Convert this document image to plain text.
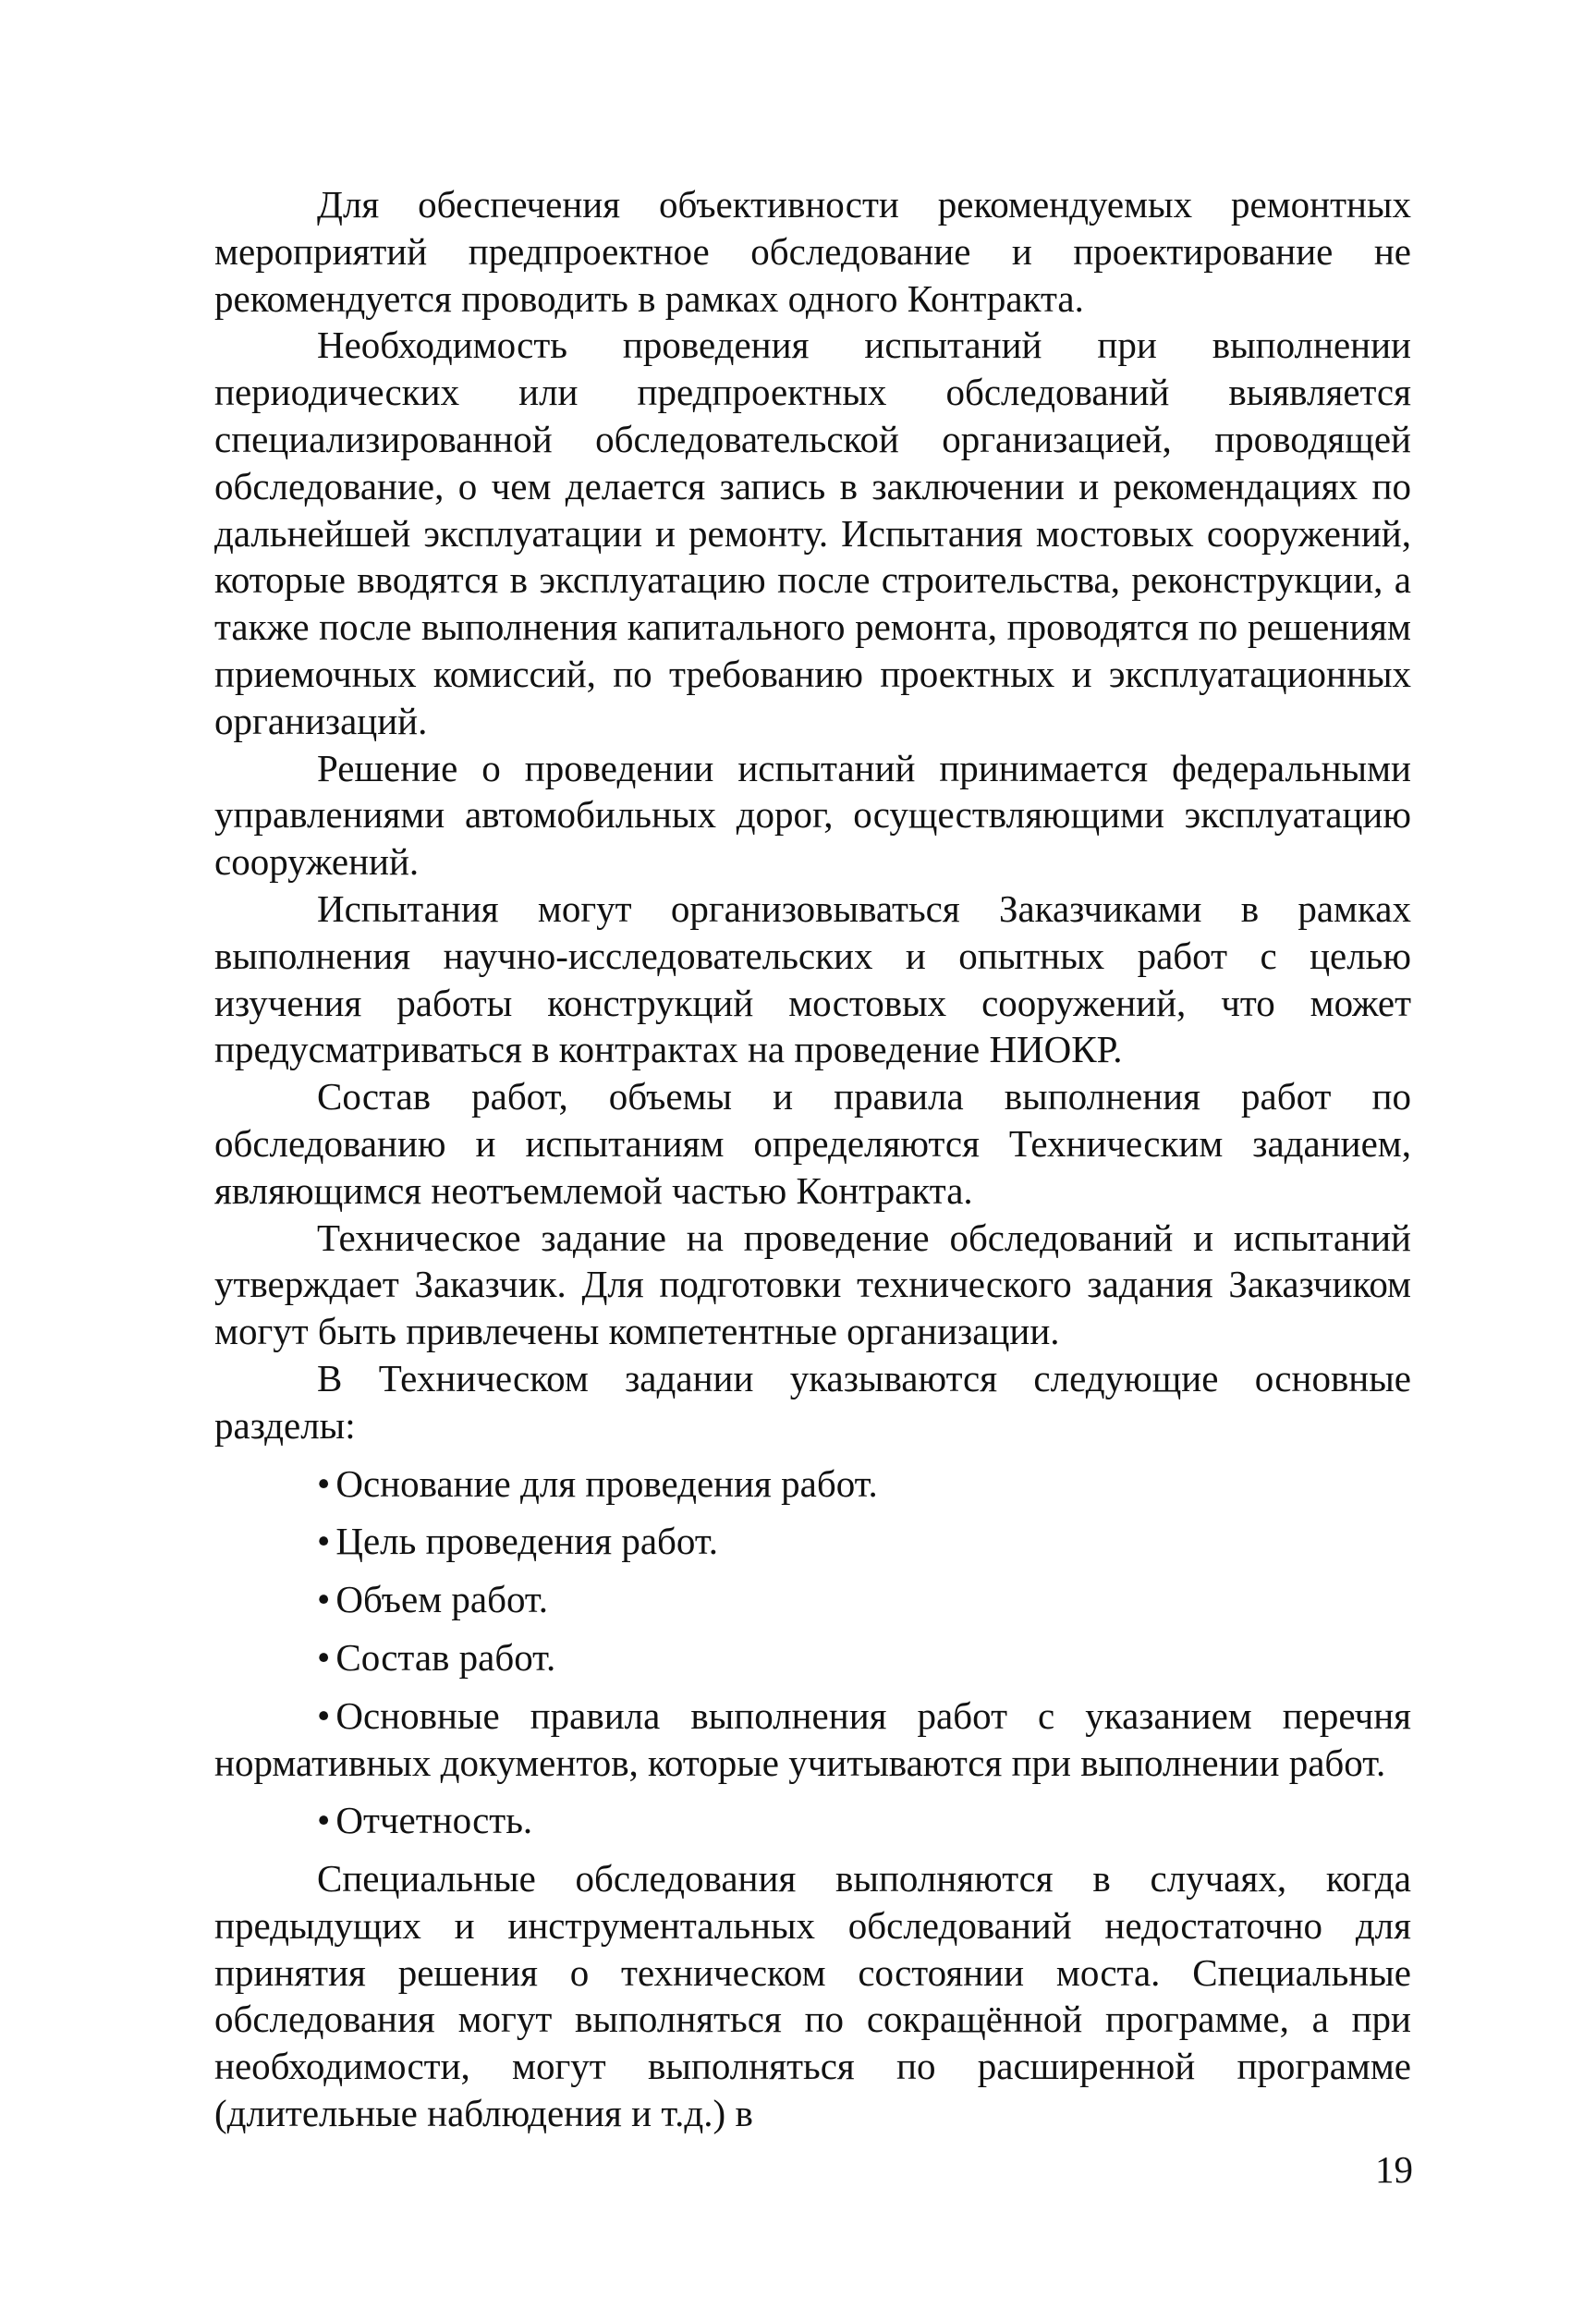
Для обеспечения объективности рекомендуемых ремонтных мероприятий предпроектное обследование и проектирование не рекомендуется проводить в рамках одного Контракта.

Необходимость проведения испытаний при выполнении периодических или предпроектных обследований выявляется специализированной обследовательской организацией, проводящей обследование, о чем делается запись в заключении и рекомендациях по дальнейшей эксплуатации и ремонту. Испытания мостовых сооружений, которые вводятся в эксплуатацию после строительства, реконструкции, а также после выполнения капитального ремонта, проводятся по решениям приемочных комиссий, по требованию проектных и эксплуатационных организаций.

Решение о проведении испытаний принимается федеральными управлениями автомобильных дорог, осуществляющими эксплуатацию сооружений.

Испытания могут организовываться Заказчиками в рамках выполнения научно-исследовательских и опытных работ с целью изучения работы конструкций мостовых сооружений, что может предусматриваться в контрактах на проведение НИОКР.

Состав работ, объемы и правила выполнения работ по обследованию и испытаниям определяются Техническим заданием, являющимся неотъемлемой частью Контракта.

Техническое задание на проведение обследований и испытаний утверждает Заказчик. Для подготовки технического задания Заказчиком могут быть привлечены компетентные организации.

В Техническом задании указываются следующие основные разделы:

• Основание для проведения работ.
• Цель проведения работ.
• Объем работ.
• Состав работ.
• Основные правила выполнения работ с указанием перечня нормативных документов, которые учитываются при выполнении работ.
• Отчетность.

Специальные обследования выполняются в случаях, когда предыдущих и инструментальных обследований недостаточно для принятия решения о техническом состоянии моста. Специальные обследования могут выполняться по сокращённой программе, а при необходимости, могут выполняться по расширенной программе (длительные наблюдения и т.д.) в

19
